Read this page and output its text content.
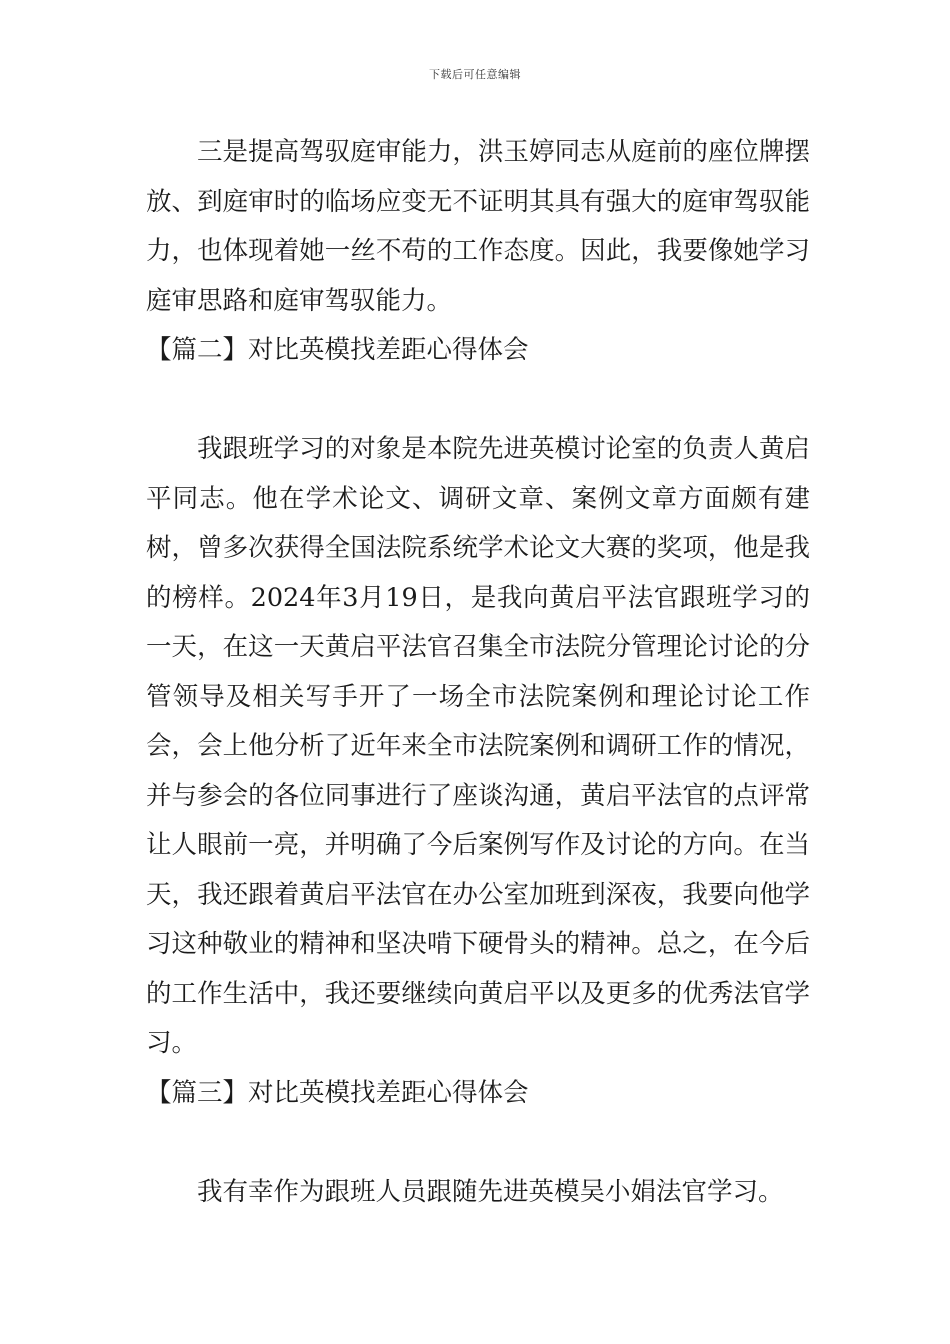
下载后可任意编辑

三是提高驾驭庭审能力，洪玉婷同志从庭前的座位牌摆放、到庭审时的临场应变无不证明其具有强大的庭审驾驭能力，也体现着她一丝不苟的工作态度。因此，我要像她学习庭审思路和庭审驾驭能力。

【篇二】对比英模找差距心得体会

我跟班学习的对象是本院先进英模讨论室的负责人黄启平同志。他在学术论文、调研文章、案例文章方面颇有建树，曾多次获得全国法院系统学术论文大赛的奖项，他是我的榜样。2024年3月19日，是我向黄启平法官跟班学习的一天，在这一天黄启平法官召集全市法院分管理论讨论的分管领导及相关写手开了一场全市法院案例和理论讨论工作会，会上他分析了近年来全市法院案例和调研工作的情况，并与参会的各位同事进行了座谈沟通，黄启平法官的点评常让人眼前一亮，并明确了今后案例写作及讨论的方向。在当天，我还跟着黄启平法官在办公室加班到深夜，我要向他学习这种敬业的精神和坚决啃下硬骨头的精神。总之，在今后的工作生活中，我还要继续向黄启平以及更多的优秀法官学习。

【篇三】对比英模找差距心得体会

我有幸作为跟班人员跟随先进英模吴小娟法官学习。
